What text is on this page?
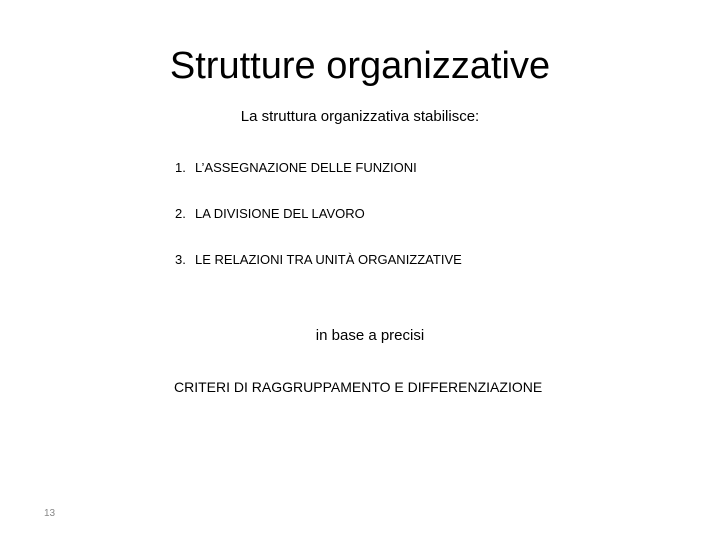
Strutture organizzative
La struttura organizzativa stabilisce:
1. L’ASSEGNAZIONE DELLE FUNZIONI
2. LA DIVISIONE DEL LAVORO
3. LE RELAZIONI TRA UNITÀ ORGANIZZATIVE
in base a precisi
CRITERI DI RAGGRUPPAMENTO E DIFFERENZIAZIONE
13
